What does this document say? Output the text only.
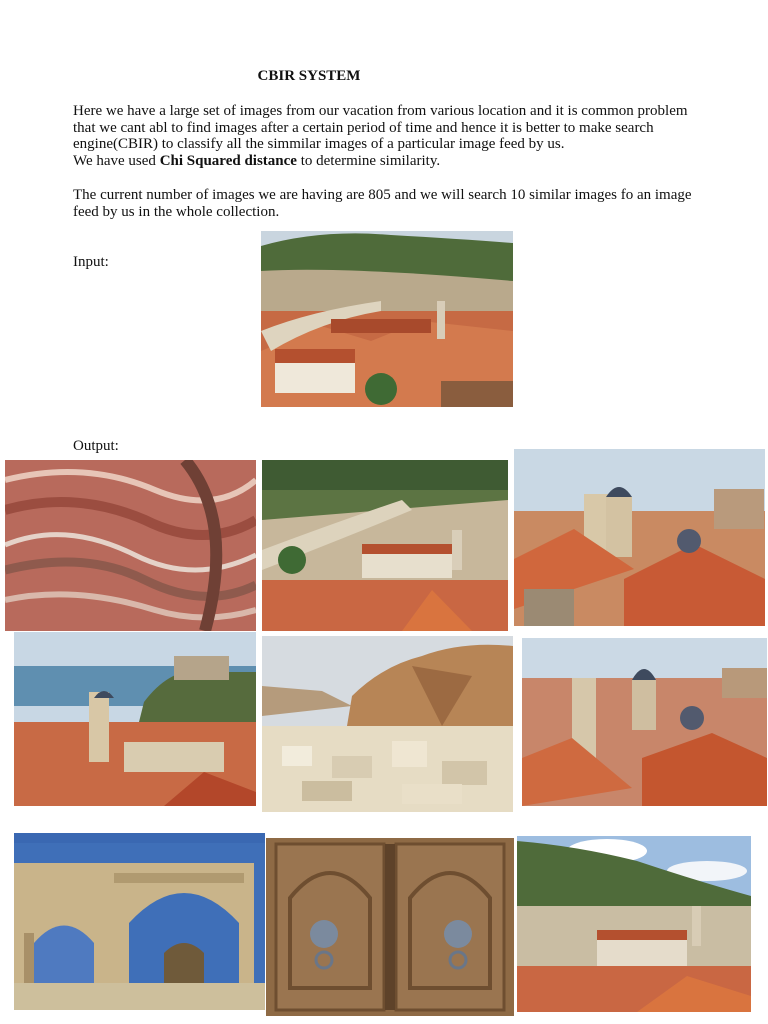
CBIR SYSTEM

Here we have a large set of images from our vacation from various location and it is common problem that we cant abl to find images after a certain period of time and hence it is better to make search engine(CBIR) to classify all the simmilar images of a particular image feed by us.
We have used Chi Squared distance to determine similarity.

The current number of images we are having are 805 and we will search 10 similar images fo an image feed by us in the whole collection.

Input:
Output:
